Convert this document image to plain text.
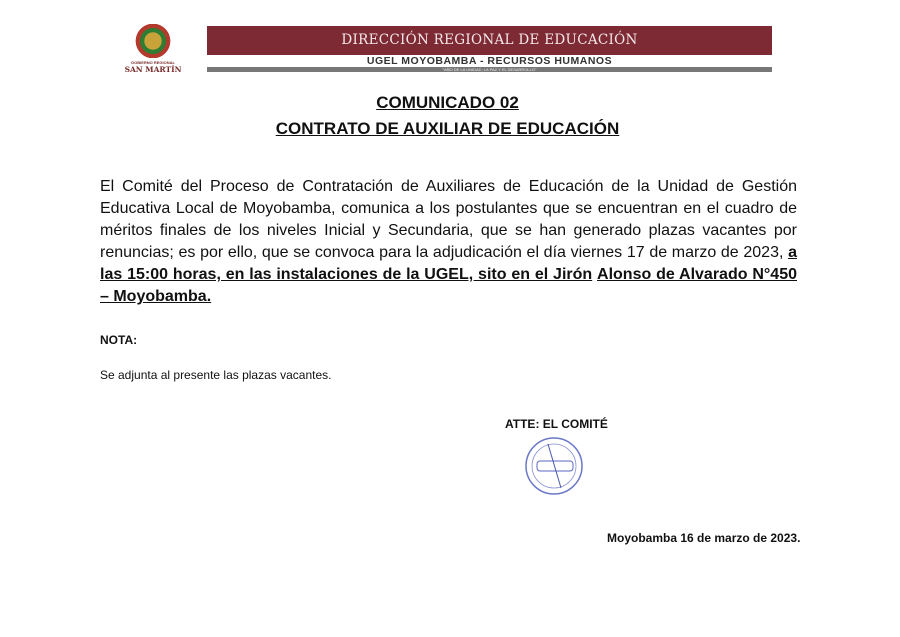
GOBIERNO REGIONAL
SAN MARTÍN
DIRECCIÓN REGIONAL DE EDUCACIÓN
UGEL MOYOBAMBA - RECURSOS HUMANOS
"AÑO DE LA UNIDAD, LA PAZ Y EL DESARROLLO"
COMUNICADO 02
CONTRATO DE AUXILIAR DE EDUCACIÓN
El Comité del Proceso de Contratación de Auxiliares de Educación de la Unidad de Gestión Educativa Local de Moyobamba, comunica a los postulantes que se encuentran en el cuadro de méritos finales de los niveles Inicial y Secundaria, que se han generado plazas vacantes por renuncias; es por ello, que se convoca para la adjudicación el día viernes 17 de marzo de 2023, a las 15:00 horas, en las instalaciones de la UGEL, sito en el Jirón Alonso de Alvarado N°450 – Moyobamba.
NOTA:
Se adjunta al presente las plazas vacantes.
ATTE: EL COMITÉ
Moyobamba 16 de marzo de 2023.
